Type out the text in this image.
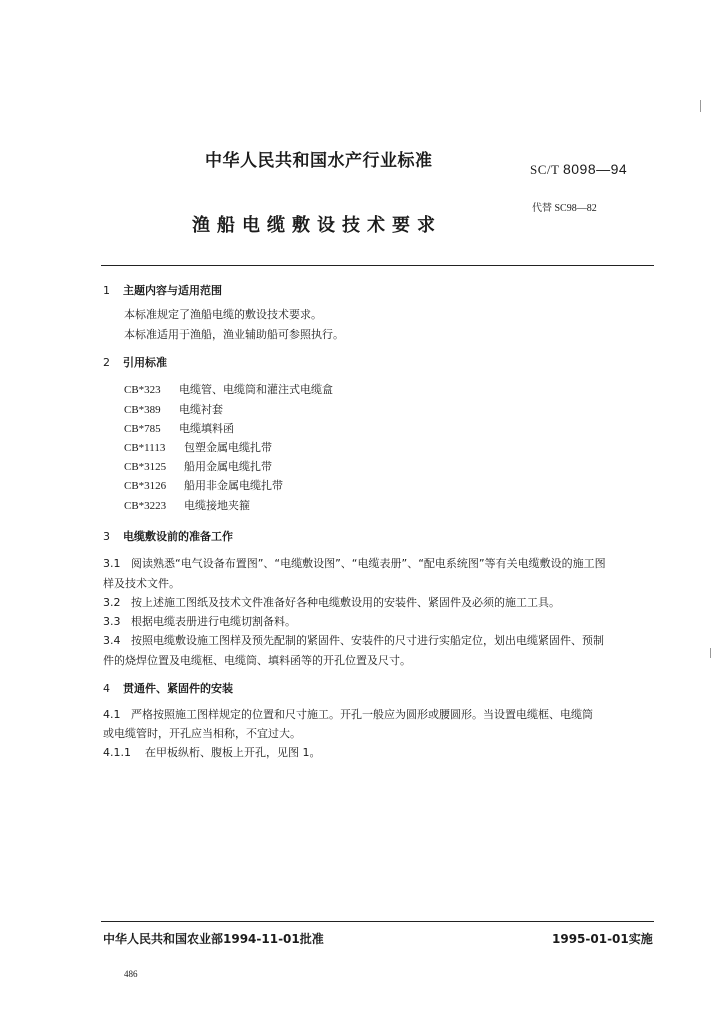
中华人民共和国水产行业标准	SC/T 8098—94
代替 SC98—82
渔船电缆敷设技术要求
1 主题内容与适用范围
本标准规定了渔船电缆的敷设技术要求。
本标准适用于渔船，渔业辅助船可参照执行。
2 引用标准
CB*323 电缆管、电缆筒和灌注式电缆盒
CB*389 电缆衬套
CB*785 电缆填料函
CB*1113 包塑金属电缆扎带
CB*3125 船用金属电缆扎带
CB*3126 船用非金属电缆扎带
CB*3223 电缆接地夹箍
3 电缆敷设前的准备工作
3.1 阅读熟悉“电气设备布置图”、“电缆敷设图”、“电缆表册”、“配电系统图”等有关电缆敷设的施工图
样及技术文件。
3.2 按上述施工图纸及技术文件准备好各种电缆敷设用的安装件、紧固件及必须的施工工具。
3.3 根据电缆表册进行电缆切割备料。
3.4 按照电缆敷设施工图样及预先配制的紧固件、安装件的尺寸进行实船定位，划出电缆紧固件、预制
件的烧焊位置及电缆框、电缆筒、填料函等的开孔位置及尺寸。
4 贯通件、紧固件的安装
4.1 严格按照施工图样规定的位置和尺寸施工。开孔一般应为圆形或腰圆形。当设置电缆框、电缆筒
或电缆管时，开孔应当相称，不宜过大。
4.1.1 在甲板纵桁、腹板上开孔，见图 1。
中华人民共和国农业部1994-11-01批准	1995-01-01实施
486
